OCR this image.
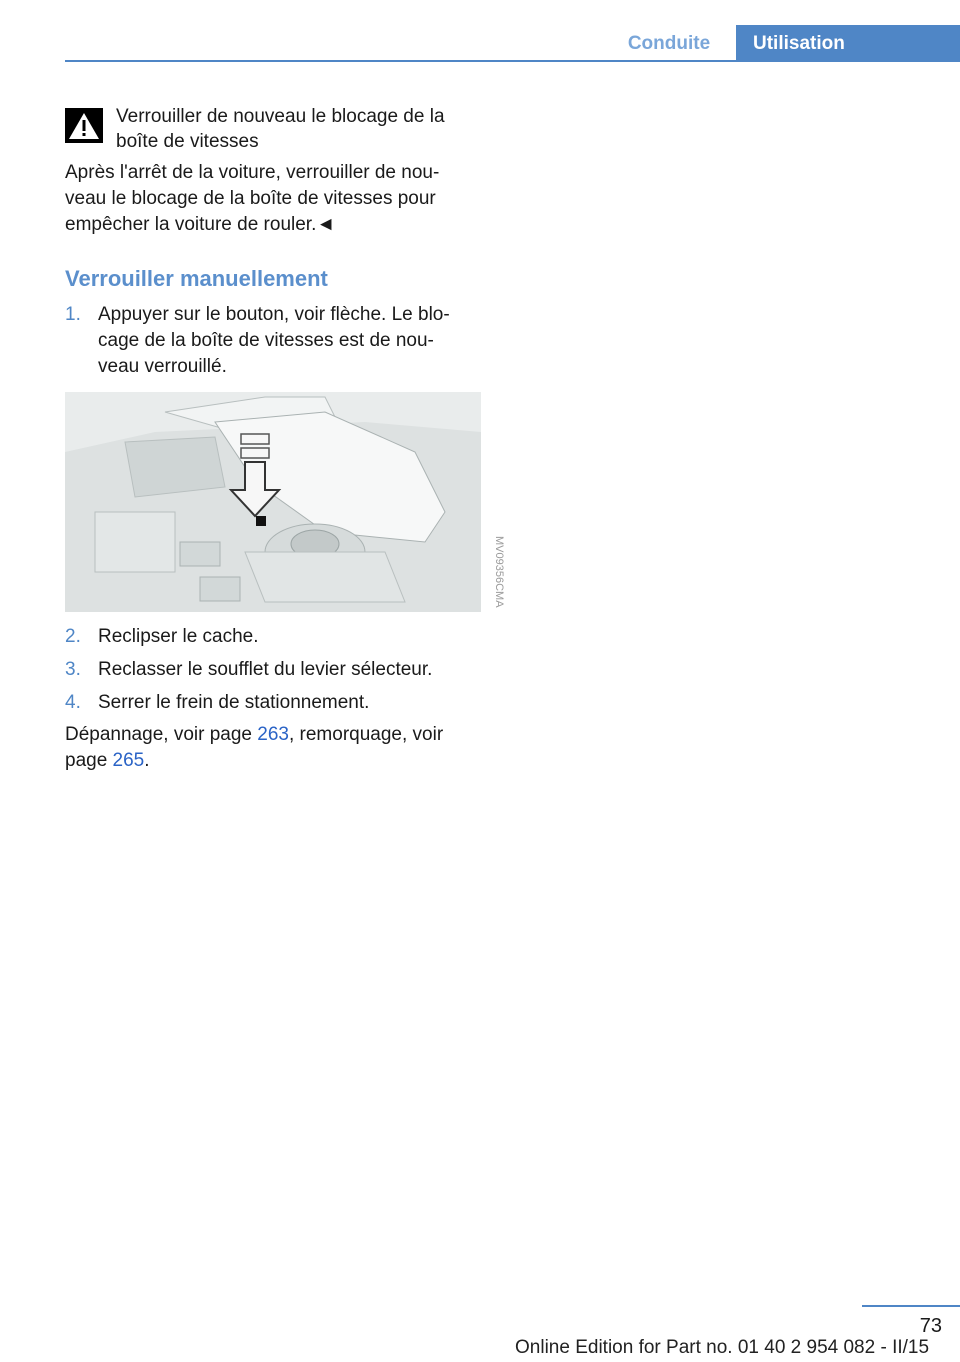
Conduite	Utilisation
Verrouiller de nouveau le blocage de la boîte de vitesses
Après l'arrêt de la voiture, verrouiller de nou-veau le blocage de la boîte de vitesses pour empêcher la voiture de rouler.◄
Verrouiller manuellement
1. Appuyer sur le bouton, voir flèche. Le blo-cage de la boîte de vitesses est de nou-veau verrouillé.
MV09356CMA
2. Reclipser le cache.
3. Reclasser le soufflet du levier sélecteur.
4. Serrer le frein de stationnement.
Dépannage, voir page 263, remorquage, voir page 265.
73
Online Edition for Part no. 01 40 2 954 082 - II/15
